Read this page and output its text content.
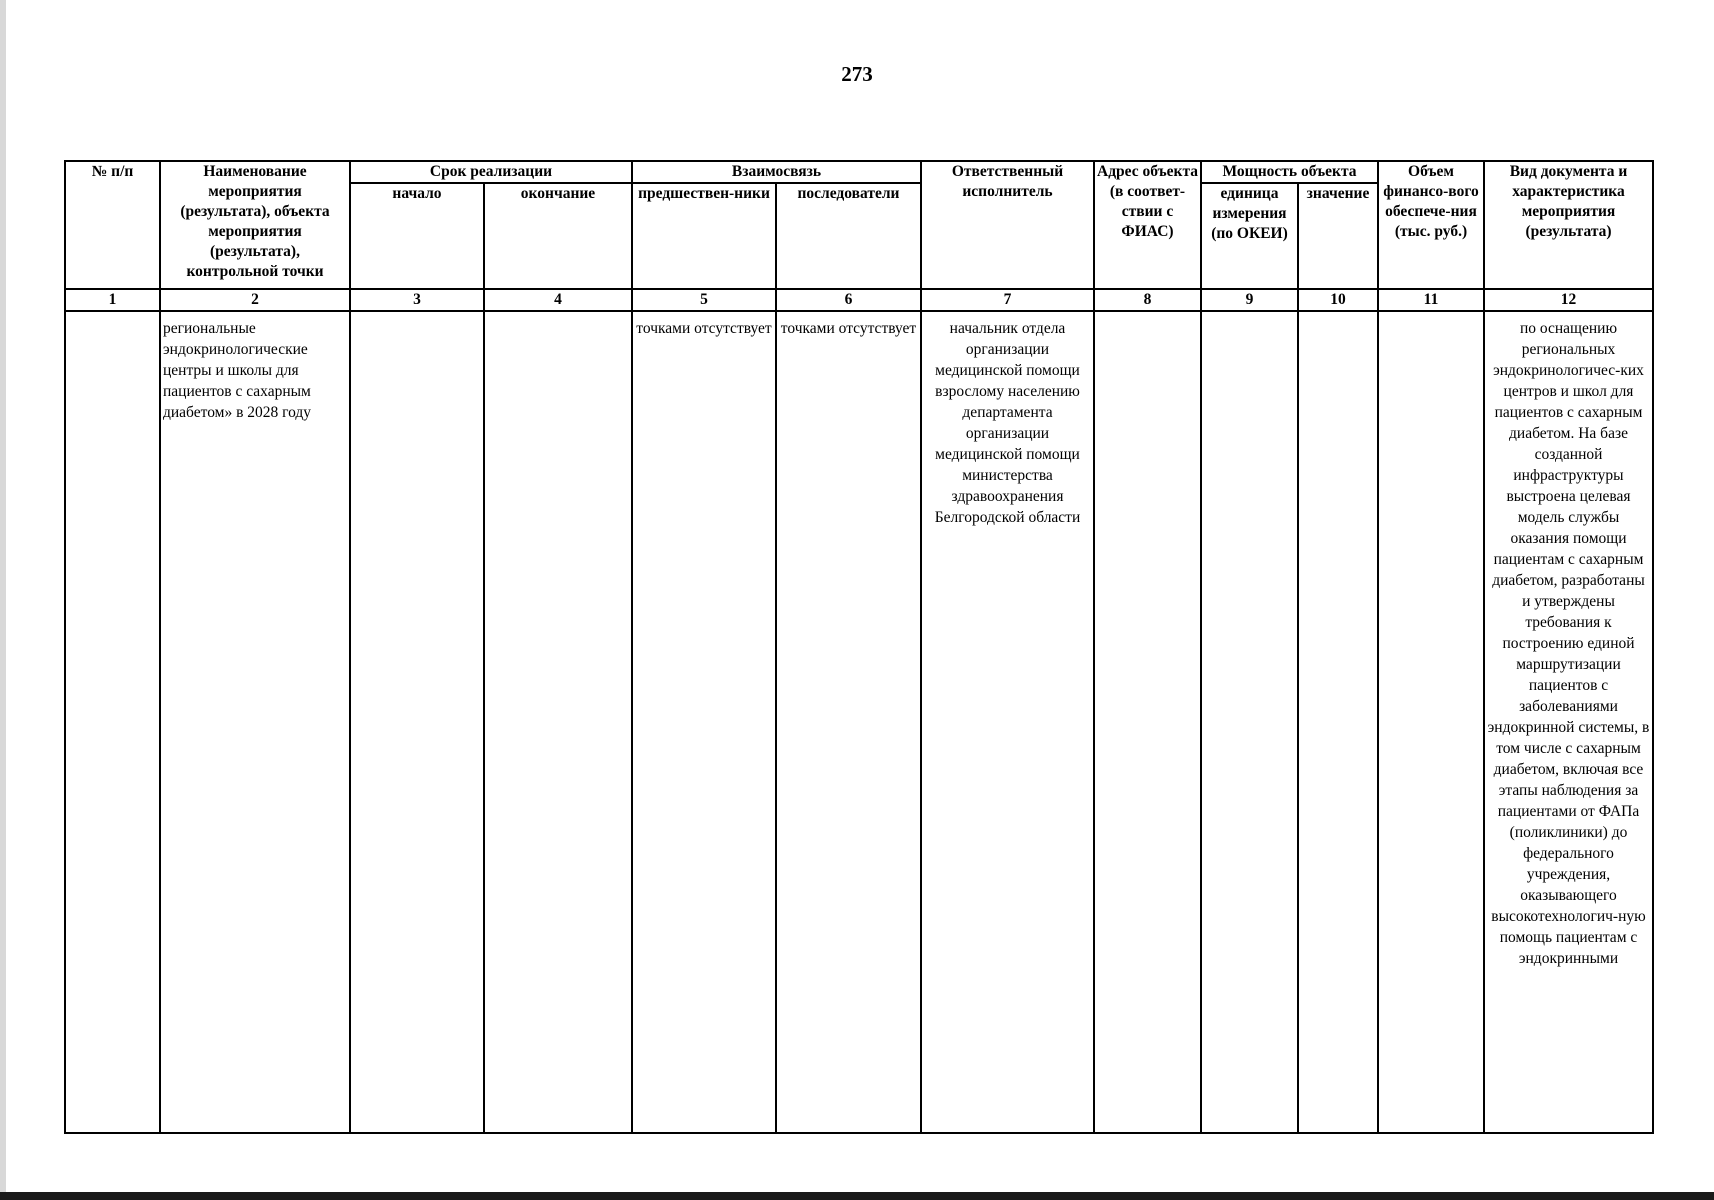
273
№ п/п	Наименование мероприятия (результата), объекта мероприятия (результата), контрольной точки	Срок реализации		Взаимосвязь		Ответственный исполнитель	Адрес объекта (в соответ-ствии с ФИАС)	Мощность объекта		Объем финансо-вого обеспече-ния (тыс. руб.)	Вид документа и характеристика мероприятия (результата)
		начало	окончание	предшествен-ники	последователи			единица измерения (по ОКЕИ)	значение		
1	2	3	4	5	6	7	8	9	10	11	12
	региональные эндокринологические центры и школы для пациентов с сахарным диабетом» в 2028 году			точками отсутствует	точками отсутствует	начальник отдела организации медицинской помощи взрослому населению департамента организации медицинской помощи министерства здравоохранения Белгородской области					по оснащению региональных эндокринологичес-ких центров и школ для пациентов с сахарным диабетом. На базе созданной инфраструктуры выстроена целевая модель службы оказания помощи пациентам с сахарным диабетом, разработаны и утверждены требования к построению единой маршрутизации пациентов с заболеваниями эндокринной системы, в том числе с сахарным диабетом, включая все этапы наблюдения за пациентами от ФАПа (поликлиники) до федерального учреждения, оказывающего высокотехнологич-ную помощь пациентам с эндокринными
